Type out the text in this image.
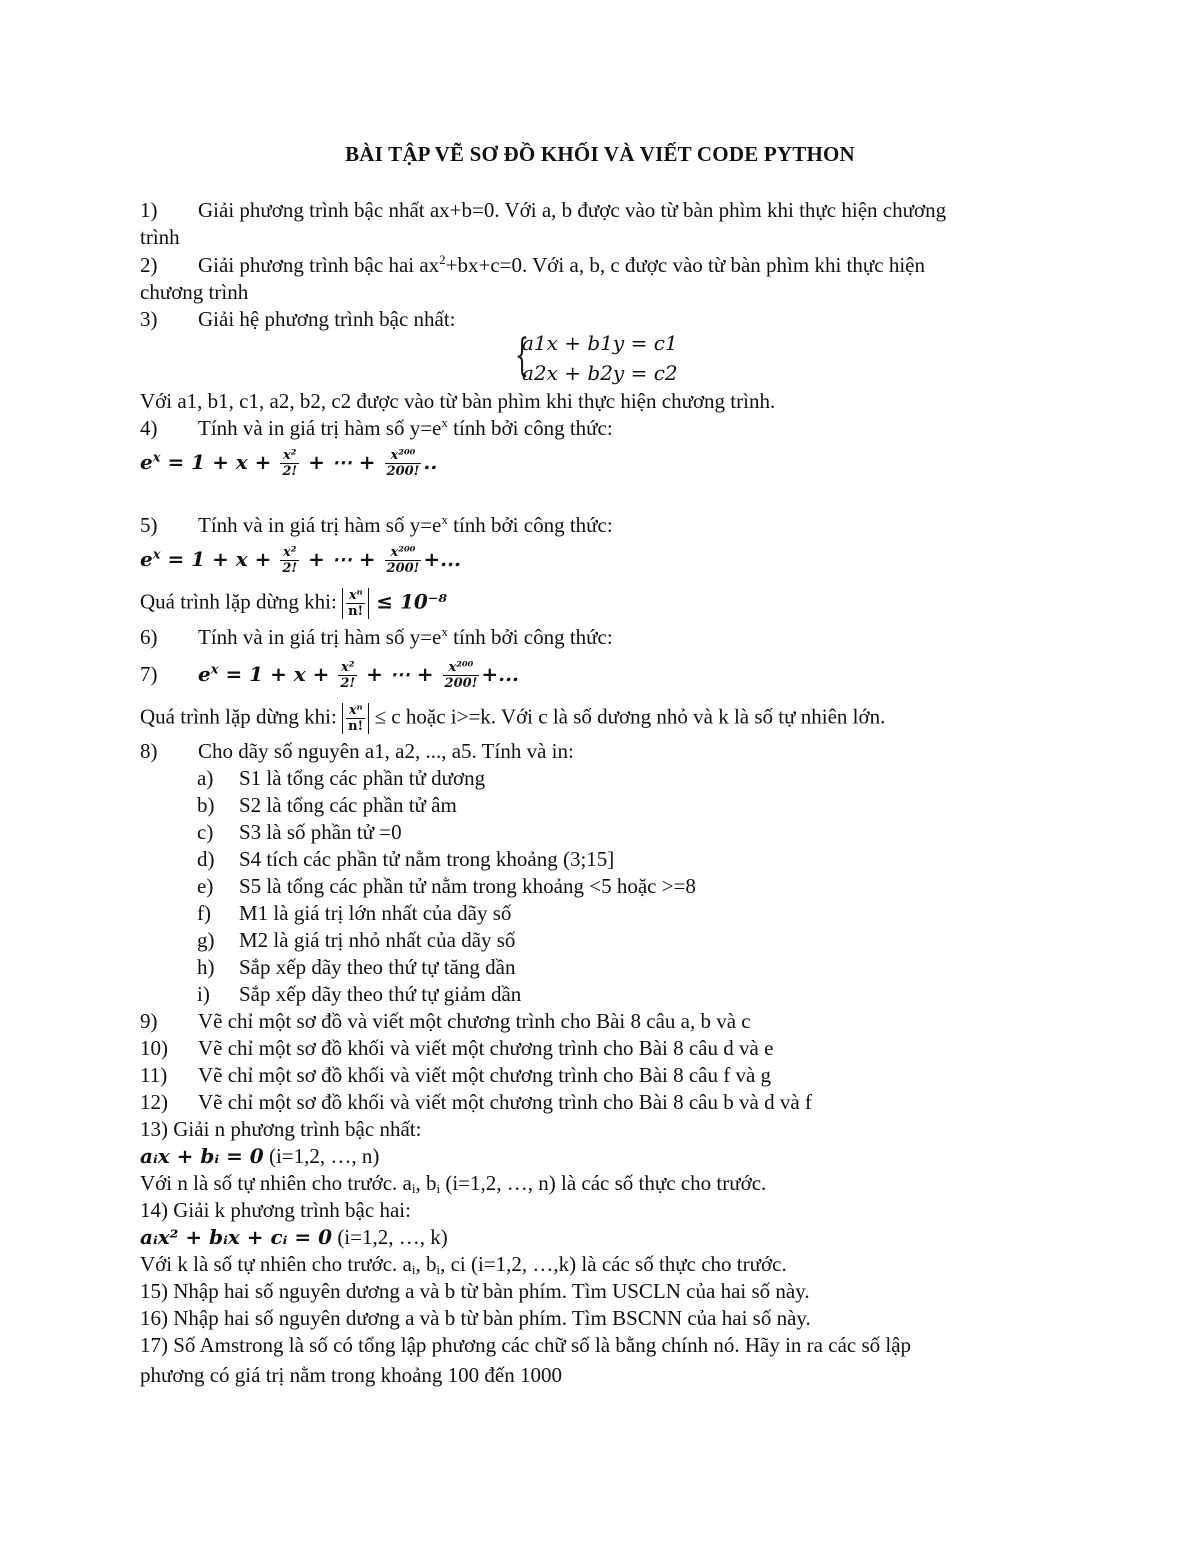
BÀI TẬP VẼ SƠ ĐỒ KHỐI VÀ VIẾT CODE PYTHON
1) Giải phương trình bậc nhất ax+b=0. Với a, b được vào từ bàn phìm khi thực hiện chương
trình
2) Giải phương trình bậc hai $ax^2+bx+c=0$. Với a, b, c được vào từ bàn phìm khi thực hiện
chương trình
3) Giải hệ phương trình bậc nhất:
{
a1x + b1y = c1
a2x + b2y = c2
Với a1, b1, c1, a2, b2, c2 được vào từ bàn phìm khi thực hiện chương trình.
4) Tính và in giá trị hàm số $y=e^x$ tính bởi công thức:
$e^x = 1 + x + \frac{\text{x²}}{2!}$ + ⋯ + $\frac{\text{x²⁰⁰}}{200!}$ ..
5) Tính và in giá trị hàm số $y=e^x$ tính bởi công thức:
$e^x = 1 + x + \frac{\text{x²}}{2!}$ + ⋯ + $\frac{\text{x²⁰⁰}}{200!}$ +...
Quá trình lặp dừng khi: $\frac{\text{xⁿ}}{n!} \le 10^{-8}$
6) Tính và in giá trị hàm số $y=e^x$ tính bởi công thức:
7) $e^x = 1 + x + \frac{\text{x²}}{2!}$ + ⋯ + $\frac{\text{x²⁰⁰}}{200!}$ +...
Quá trình lặp dừng khi: $\frac{\text{xⁿ}}{n!} \le c$ hoặc i>=k. Với c là số dương nhỏ và k là số tự nhiên lớn.
8) Cho dãy số nguyên a1, a2, ..., a5. Tính và in:
a) S1 là tổng các phần tử dương
b) S2 là tổng các phần tử âm
c) S3 là số phần tử =0
d) S4 tích các phần tử nằm trong khoảng (3;15]
e) S5 là tổng các phần tử nằm trong khoảng <5 hoặc >=8
f) M1 là giá trị lớn nhất của dãy số
g) M2 là giá trị nhỏ nhất của dãy số
h) Sắp xếp dãy theo thứ tự tăng dần
i) Sắp xếp dãy theo thứ tự giảm dần
9) Vẽ chỉ một sơ đồ và viết một chương trình cho Bài 8 câu a, b và c
10) Vẽ chỉ một sơ đồ khối và viết một chương trình cho Bài 8 câu d và e
11) Vẽ chỉ một sơ đồ khối và viết một chương trình cho Bài 8 câu f và g
12) Vẽ chỉ một sơ đồ khối và viết một chương trình cho Bài 8 câu b và d và f
13) Giải n phương trình bậc nhất:
aᵢx + bᵢ = 0 (i=1,2, …, n)
Với n là số tự nhiên cho trước. ai, bi (i=1,2, …, n) là các số thực cho trước.
14) Giải k phương trình bậc hai:
aᵢx² + bᵢx + cᵢ = 0 (i=1,2, …, k)
Với k là số tự nhiên cho trước. ai, bi, ci (i=1,2, …,k) là các số thực cho trước.
15) Nhập hai số nguyên dương a và b từ bàn phím. Tìm USCLN của hai số này.
16) Nhập hai số nguyên dương a và b từ bàn phím. Tìm BSCNN của hai số này.
17) Số Amstrong là số có tổng lập phương các chữ số là bằng chính nó. Hãy in ra các số lập
phương có giá trị nằm trong khoảng 100 đến 1000
